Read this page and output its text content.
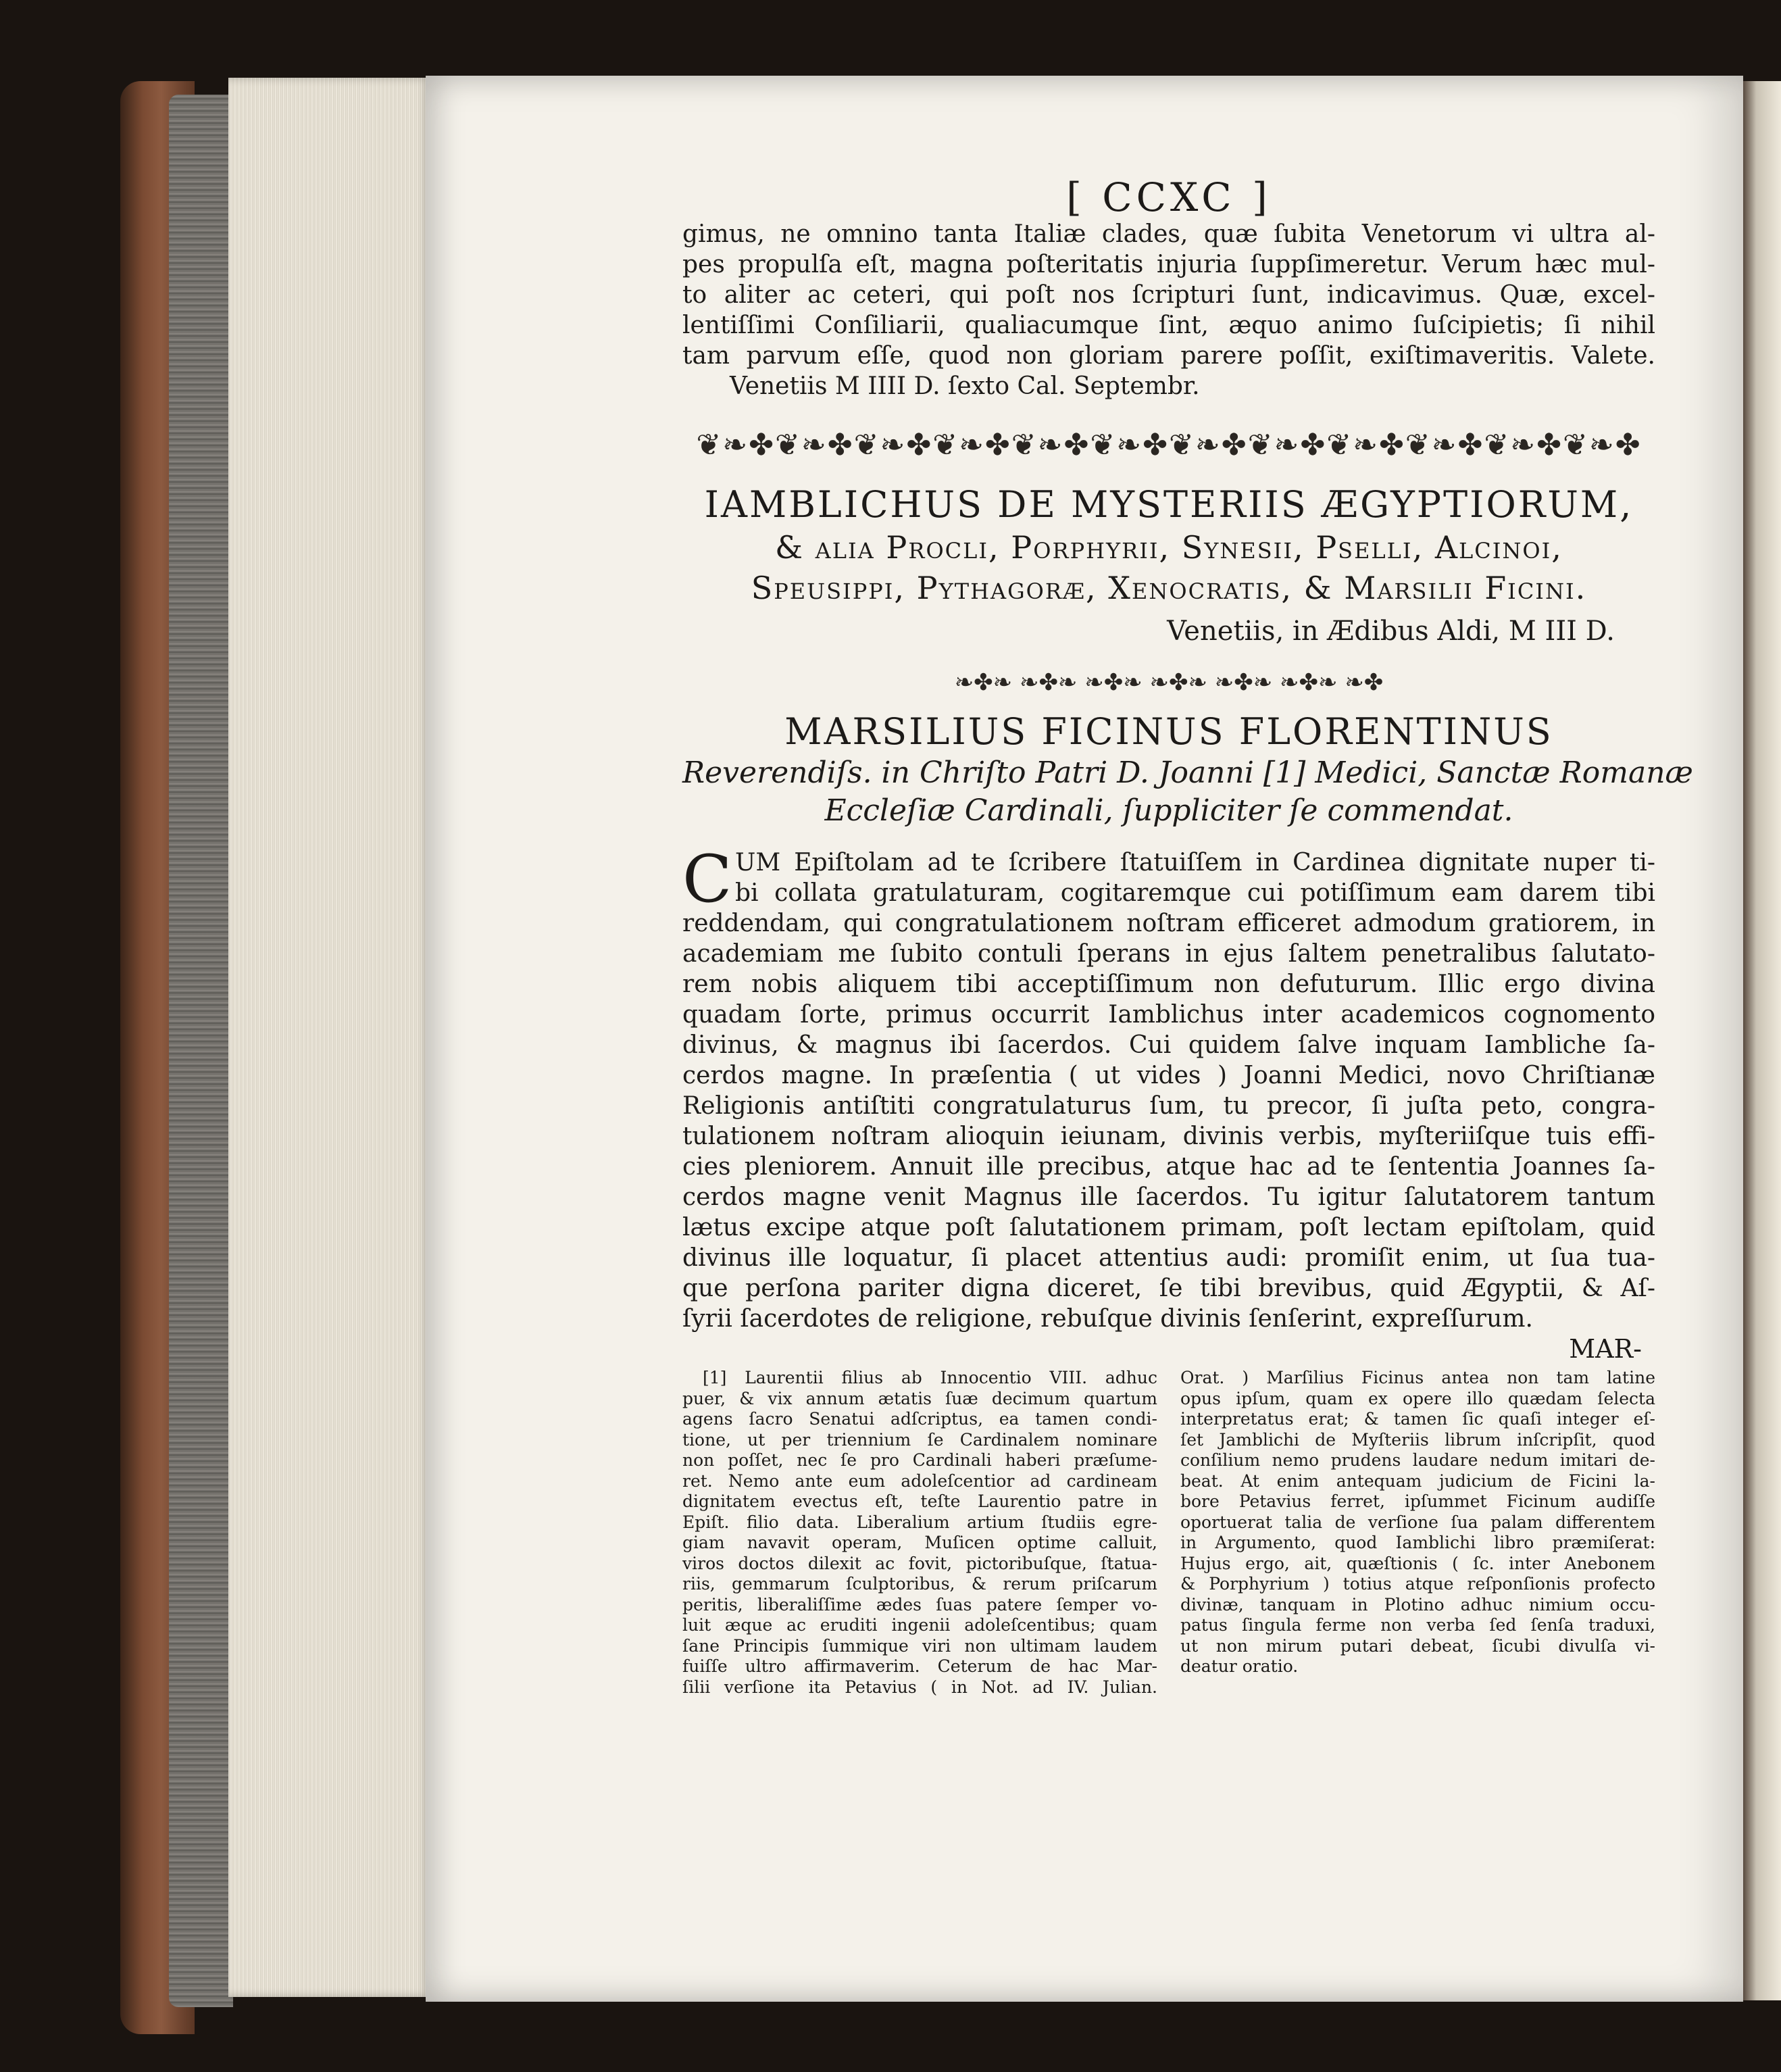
[ CCXC ]
gimus, ne omnino tanta Italiæ clades, quæ ſubita Venetorum vi ultra al-
pes propulſa eſt, magna poſteritatis injuria ſuppſimeretur. Verum hæc mul-
to aliter ac ceteri, qui poſt nos ſcripturi ſunt, indicavimus. Quæ, excel-
lentiſſimi Conſiliarii, qualiacumque ſint, æquo animo ſuſcipietis; ſi nihil
tam parvum eſſe, quod non gloriam parere poſſit, exiſtimaveritis. Valete.
Venetiis M IIII D. ſexto Cal. Septembr.
❦❧✤❦❧✤❦❧✤❦❧✤❦❧✤❦❧✤❦❧✤❦❧✤❦❧✤❦❧✤❦❧✤❦❧✤
IAMBLICHUS DE MYSTERIIS ÆGYPTIORUM,
& alia Procli, Porphyrii, Synesii, Pselli, Alcinoi,
Speusippi, Pythagoræ, Xenocratis, & Marsilii Ficini.
Venetiis, in Ædibus Aldi, M III D.
❧✤❧ ❧✤❧ ❧✤❧ ❧✤❧ ❧✤❧ ❧✤❧ ❧✤
MARSILIUS FICINUS FLORENTINUS
Reverendiſs. in Chriſto Patri D. Joanni [1] Medici, Sanctæ Romanæ
Eccleſiæ Cardinali, ſuppliciter ſe commendat.
C UM Epiſtolam ad te ſcribere ſtatuiſſem in Cardinea dignitate nuper ti-
bi collata gratulaturam, cogitaremque cui potiſſimum eam darem tibi
reddendam, qui congratulationem noſtram efficeret admodum gratiorem, in
academiam me ſubito contuli ſperans in ejus ſaltem penetralibus ſalutato-
rem nobis aliquem tibi acceptiſſimum non defuturum. Illic ergo divina
quadam ſorte, primus occurrit Iamblichus inter academicos cognomento
divinus, & magnus ibi ſacerdos. Cui quidem ſalve inquam Iambliche ſa-
cerdos magne. In præſentia ( ut vides ) Joanni Medici, novo Chriſtianæ
Religionis antiſtiti congratulaturus ſum, tu precor, ſi juſta peto, congra-
tulationem noſtram alioquin ieiunam, divinis verbis, myſteriiſque tuis effi-
cies pleniorem. Annuit ille precibus, atque hac ad te ſententia Joannes ſa-
cerdos magne venit Magnus ille ſacerdos. Tu igitur ſalutatorem tantum
lætus excipe atque poſt ſalutationem primam, poſt lectam epiſtolam, quid
divinus ille loquatur, ſi placet attentius audi: promiſit enim, ut ſua tua-
que perſona pariter digna diceret, ſe tibi brevibus, quid Ægyptii, & Aſ-
ſyrii ſacerdotes de religione, rebuſque divinis ſenſerint, expreſſurum.
MAR-
[1] Laurentii filius ab Innocentio VIII. adhuc
puer, & vix annum ætatis ſuæ decimum quartum
agens ſacro Senatui adſcriptus, ea tamen condi-
tione, ut per triennium ſe Cardinalem nominare
non poſſet, nec ſe pro Cardinali haberi præſume-
ret. Nemo ante eum adoleſcentior ad cardineam
dignitatem evectus eſt, teſte Laurentio patre in
Epiſt. filio data. Liberalium artium ſtudiis egre-
giam navavit operam, Muſicen optime calluit,
viros doctos dilexit ac fovit, pictoribuſque, ſtatua-
riis, gemmarum ſculptoribus, & rerum priſcarum
peritis, liberaliſſime ædes ſuas patere ſemper vo-
luit æque ac eruditi ingenii adoleſcentibus; quam
ſane Principis ſummique viri non ultimam laudem
fuiſſe ultro affirmaverim. Ceterum de hac Mar-
ſilii verſione ita Petavius ( in Not. ad IV. Julian.
Orat. ) Marſilius Ficinus antea non tam latine
opus ipſum, quam ex opere illo quædam ſelecta
interpretatus erat; & tamen ſic quaſi integer eſ-
ſet Jamblichi de Myſteriis librum inſcripſit, quod
conſilium nemo prudens laudare nedum imitari de-
beat. At enim antequam judicium de Ficini la-
bore Petavius ferret, ipſummet Ficinum audiſſe
oportuerat talia de verſione ſua palam differentem
in Argumento, quod Iamblichi libro præmiſerat:
Hujus ergo, ait, quæſtionis ( ſc. inter Anebonem
& Porphyrium ) totius atque reſponſionis profecto
divinæ, tanquam in Plotino adhuc nimium occu-
patus ſingula ferme non verba ſed ſenſa traduxi,
ut non mirum putari debeat, ſicubi divulſa vi-
deatur oratio.
